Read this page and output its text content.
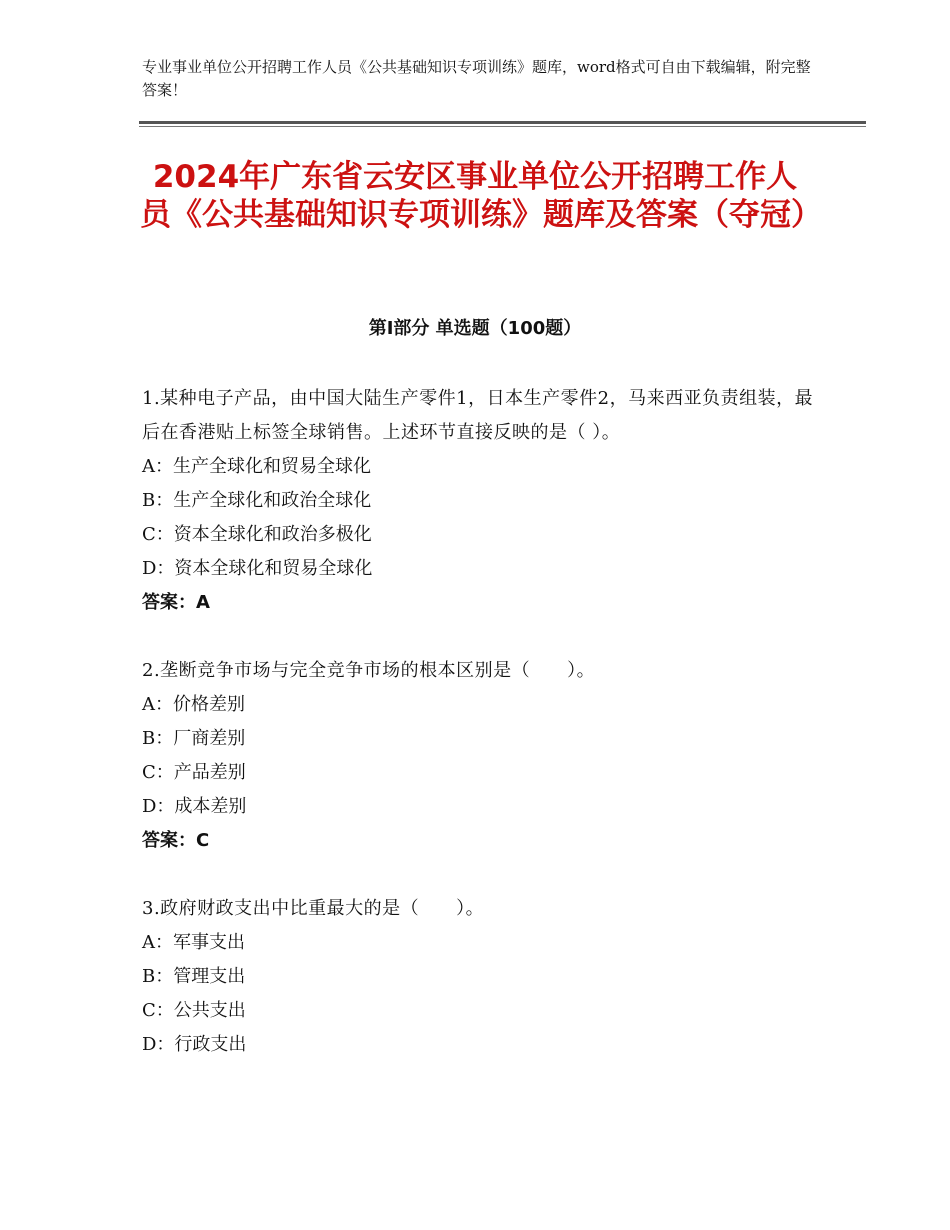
专业事业单位公开招聘工作人员《公共基础知识专项训练》题库，word格式可自由下载编辑，附完整答案！
2024年广东省云安区事业单位公开招聘工作人员《公共基础知识专项训练》题库及答案（夺冠）
第Ⅰ部分 单选题（100题）
1.某种电子产品，由中国大陆生产零件1，日本生产零件2，马来西亚负责组装，最后在香港贴上标签全球销售。上述环节直接反映的是（ ）。
A：生产全球化和贸易全球化
B：生产全球化和政治全球化
C：资本全球化和政治多极化
D：资本全球化和贸易全球化
答案：A
2.垄断竞争市场与完全竞争市场的根本区别是（　　）。
A：价格差别
B：厂商差别
C：产品差别
D：成本差别
答案：C
3.政府财政支出中比重最大的是（　　）。
A：军事支出
B：管理支出
C：公共支出
D：行政支出
